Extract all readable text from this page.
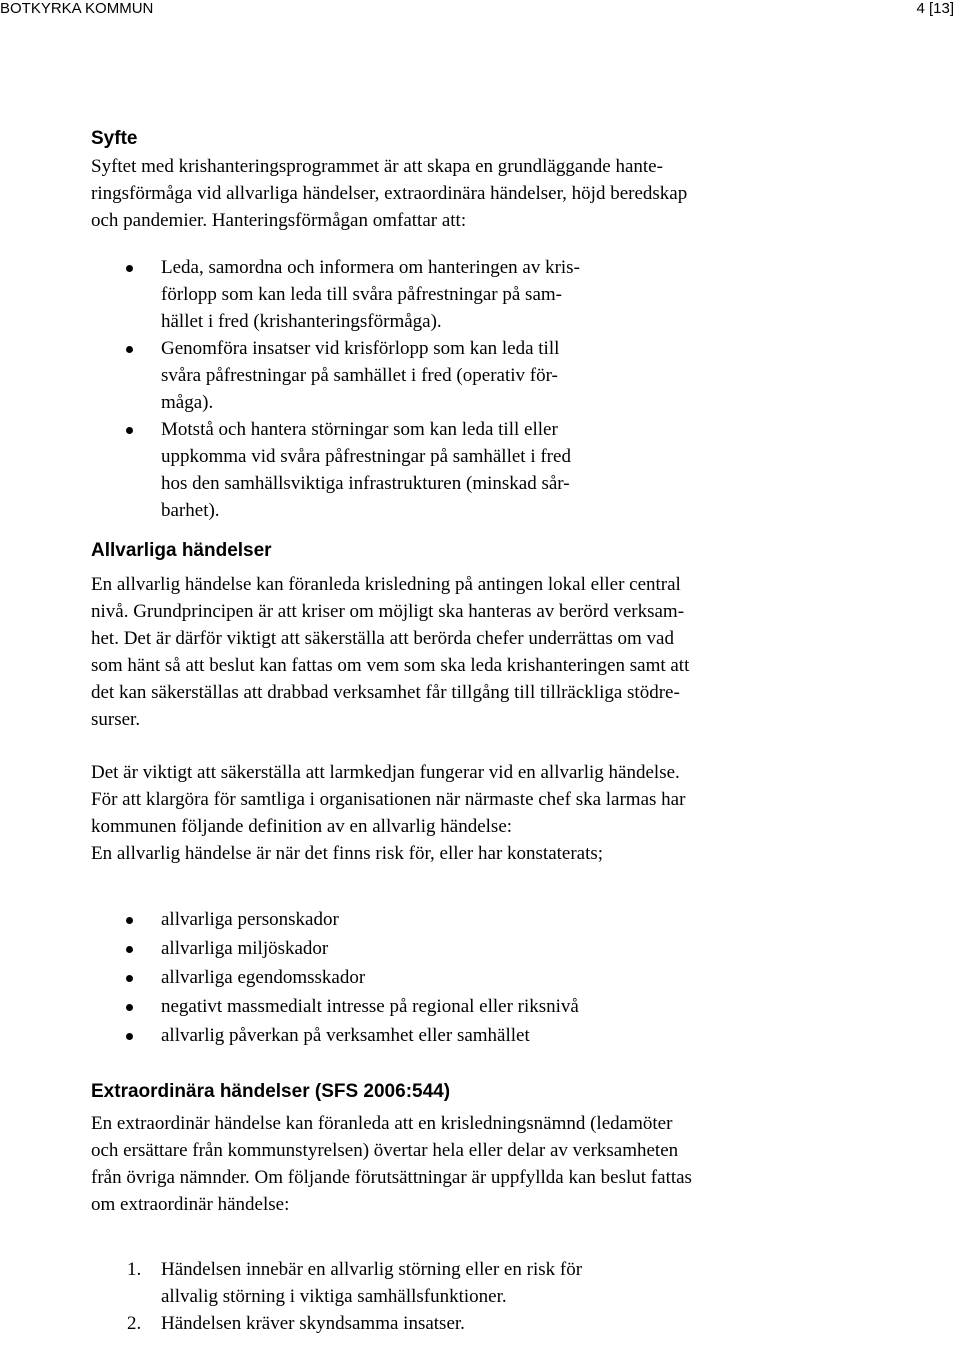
BOTKYRKA KOMMUN	4 [13]
Syfte

Syftet med krishanteringsprogrammet är att skapa en grundläggande hante-
ringsförmåga vid allvarliga händelser, extraordinära händelser, höjd beredskap
och pandemier. Hanteringsförmågan omfattar att:

Leda, samordna och informera om hanteringen av kris-
förlopp som kan leda till svåra påfrestningar på sam-
hället i fred (krishanteringsförmåga).
Genomföra insatser vid krisförlopp som kan leda till
svåra påfrestningar på samhället i fred (operativ för-
måga).
Motstå och hantera störningar som kan leda till eller
uppkomma vid svåra påfrestningar på samhället i fred
hos den samhällsviktiga infrastrukturen (minskad sår-
barhet).
Allvarliga händelser

En allvarlig händelse kan föranleda krisledning på antingen lokal eller central
nivå. Grundprincipen är att kriser om möjligt ska hanteras av berörd verksam-
het. Det är därför viktigt att säkerställa att berörda chefer underrättas om vad
som hänt så att beslut kan fattas om vem som ska leda krishanteringen samt att
det kan säkerställas att drabbad verksamhet får tillgång till tillräckliga stödre-
surser.

Det är viktigt att säkerställa att larmkedjan fungerar vid en allvarlig händelse.
För att klargöra för samtliga i organisationen när närmaste chef ska larmas har
kommunen följande definition av en allvarlig händelse:
En allvarlig händelse är när det finns risk för, eller har konstaterats;

allvarliga personskador
allvarliga miljöskador
allvarliga egendomsskador
negativt massmedialt intresse på regional eller riksnivå
allvarlig påverkan på verksamhet eller samhället
Extraordinära händelser (SFS 2006:544)

En extraordinär händelse kan föranleda att en krisledningsnämnd (ledamöter
och ersättare från kommunstyrelsen) övertar hela eller delar av verksamheten
från övriga nämnder. Om följande förutsättningar är uppfyllda kan beslut fattas
om extraordinär händelse:

1. Händelsen innebär en allvarlig störning eller en risk för
allvalig störning i viktiga samhällsfunktioner.
2. Händelsen kräver skyndsamma insatser.
